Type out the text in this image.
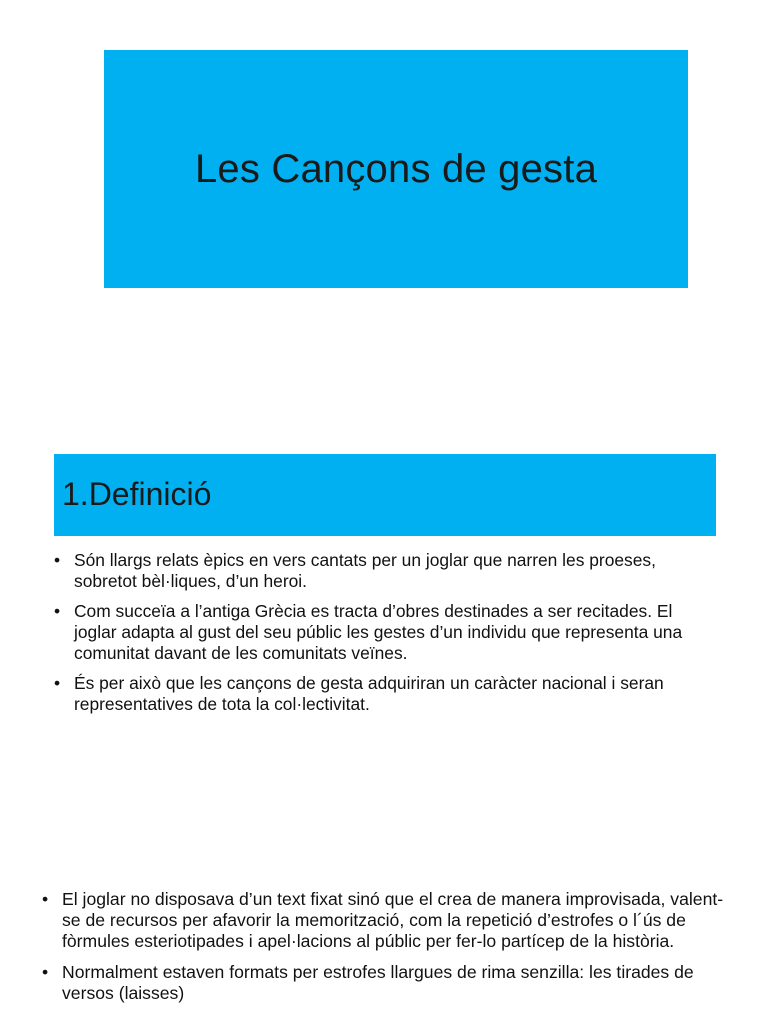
Les Cançons de gesta
1.Definició
• Són llargs relats èpics en vers cantats per un joglar que narren les proeses, sobretot bèl·liques, d’un heroi.
• Com succeïa a l’antiga Grècia es tracta d’obres destinades a ser recitades. El joglar adapta al gust del seu públic les gestes d’un individu que representa una comunitat davant de les comunitats veïnes.
• És per això que les cançons de gesta adquiriran un caràcter nacional i seran representatives de tota la col·lectivitat.
• El joglar no disposava d’un text fixat sinó que el crea de manera improvisada, valent-se de recursos per afavorir la memorització, com la repetició d’estrofes o l´ús de fòrmules esteriotipades i apel·lacions al públic per fer-lo partícep de la història.
• Normalment estaven formats per estrofes llargues de rima senzilla: les tirades de versos (laisses)
